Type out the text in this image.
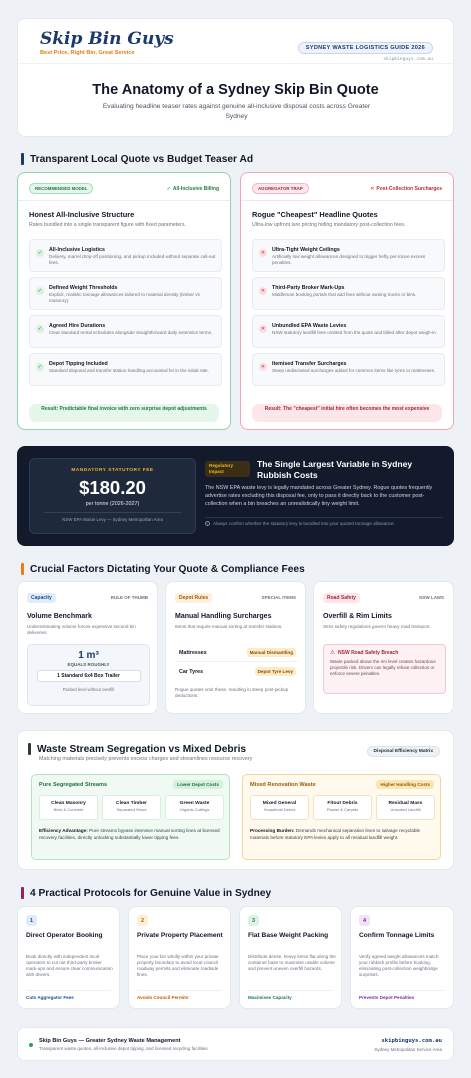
Skip Bin Guys
Best Price, Right Bin, Great Service
SYDNEY WASTE LOGISTICS GUIDE 2026
skipbinguys.com.au
The Anatomy of a Sydney Skip Bin Quote
Evaluating headline teaser rates against genuine all-inclusive disposal costs across Greater Sydney
Transparent Local Quote vs Budget Teaser Ad
RECOMMENDED MODEL	✓ All-Inclusive Billing
Honest All-Inclusive Structure
Rates bundled into a single transparent figure with fixed parameters.
✓	All-Inclusive Logistics
Delivery, marrel drop-off positioning, and pickup included without separate call-out fees.
✓	Defined Weight Thresholds
Explicit, realistic tonnage allowances tailored to material density (timber vs masonry).
✓	Agreed Hire Durations
Clear standard rental schedules alongside straightforward daily extension terms.
✓	Depot Tipping Included
Standard disposal and transfer station handling accounted for in the initial rate.
Result: Predictable final invoice with zero surprise depot adjustments
AGGREGATOR TRAP	✕ Post-Collection Surcharges
Rogue "Cheapest" Headline Quotes
Ultra-low upfront lure pricing hiding mandatory post-collection fees.
✕	Ultra-Tight Weight Ceilings
Artificially low weight allowances designed to trigger hefty per-tonne excess penalties.
✕	Third-Party Broker Mark-Ups
Middleman booking portals that add fees without owning trucks or bins.
✕	Unbundled EPA Waste Levies
NSW statutory landfill fees omitted from the quote and billed after depot weigh-in.
✕	Itemised Transfer Surcharges
Steep undisclosed surcharges added for common items like tyres or mattresses.
Result: The "cheapest" initial hire often becomes the most expensive
MANDATORY STATUTORY FEE
$180.20
per tonne (2026-2027)
NSW EPA Waste Levy — Sydney Metropolitan Area
Regulatory Impact
The Single Largest Variable in Sydney Rubbish Costs
The NSW EPA waste levy is legally mandated across Greater Sydney. Rogue quotes frequently advertise rates excluding this disposal fee, only to pass it directly back to the customer post-collection when a bin breaches an unrealistically tiny weight limit.
i	Always confirm whether the statutory levy is bundled into your quoted tonnage allowance.
Crucial Factors Dictating Your Quote & Compliance Fees
Capacity	RULE OF THUMB
Volume Benchmark
Underestimating volume forces expensive second bin deliveries.
1 m³
EQUALS ROUGHLY
1 Standard 6x4 Box Trailer
Packed level without overfill
Depot Rules	SPECIAL ITEMS
Manual Handling Surcharges
Items that require manual sorting at transfer stations.
Mattresses	Manual Dismantling
Car Tyres	Depot Tyre Levy
Rogue quotes omit these, resulting in steep post-pickup deductions.
Road Safety	NSW LAWS
Overfill & Rim Limits
Strict safety regulations govern heavy road transport.
⚠ NSW Road Safety Breach
Waste packed above the rim level creates hazardous projectile risk. Drivers can legally refuse collection or enforce severe penalties.
Waste Stream Segregation vs Mixed Debris
Matching materials precisely prevents excess charges and streamlines resource recovery
Disposal Efficiency Matrix
Pure Segregated Streams	Lower Depot Costs
Clean Masonry
Brick & Concrete
Clean Timber
Separated Wood
Green Waste
Organic Cuttings
Efficiency Advantage: Pure streams bypass intensive manual sorting lines at licensed recovery facilities, directly unlocking substantially lower tipping fees.
Mixed Renovation Waste	Higher Handling Costs
Mixed General
Household Debris
Fitout Debris
Plaster & Carpets
Residual Mass
Unsorted Landfill
Processing Burden: Demands mechanical separation lines to salvage recyclable materials before statutory EPA levies apply to all residual landfill weight.
4 Practical Protocols for Genuine Value in Sydney
1
Direct Operator Booking
Book directly with independent local operators to cut out third-party broker mark-ups and ensure clear communication with drivers.
Cuts Aggregator Fees
2
Private Property Placement
Place your bin wholly within your private property boundary to avoid local council roadway permits and eliminate roadside fines.
Avoids Council Permits
3
Flat Base Weight Packing
Distribute dense, heavy items flat along the container base to maximise usable volume and prevent uneven overfill hazards.
Maximises Capacity
4
Confirm Tonnage Limits
Verify agreed weight allowances match your rubbish profile before booking, eliminating post-collection weighbridge surprises.
Prevents Depot Penalties
Skip Bin Guys — Greater Sydney Waste Management
Transparent waste quotes, all-inclusive depot tipping, and licensed recycling facilities
skipbinguys.com.au
Sydney Metropolitan Service Area
